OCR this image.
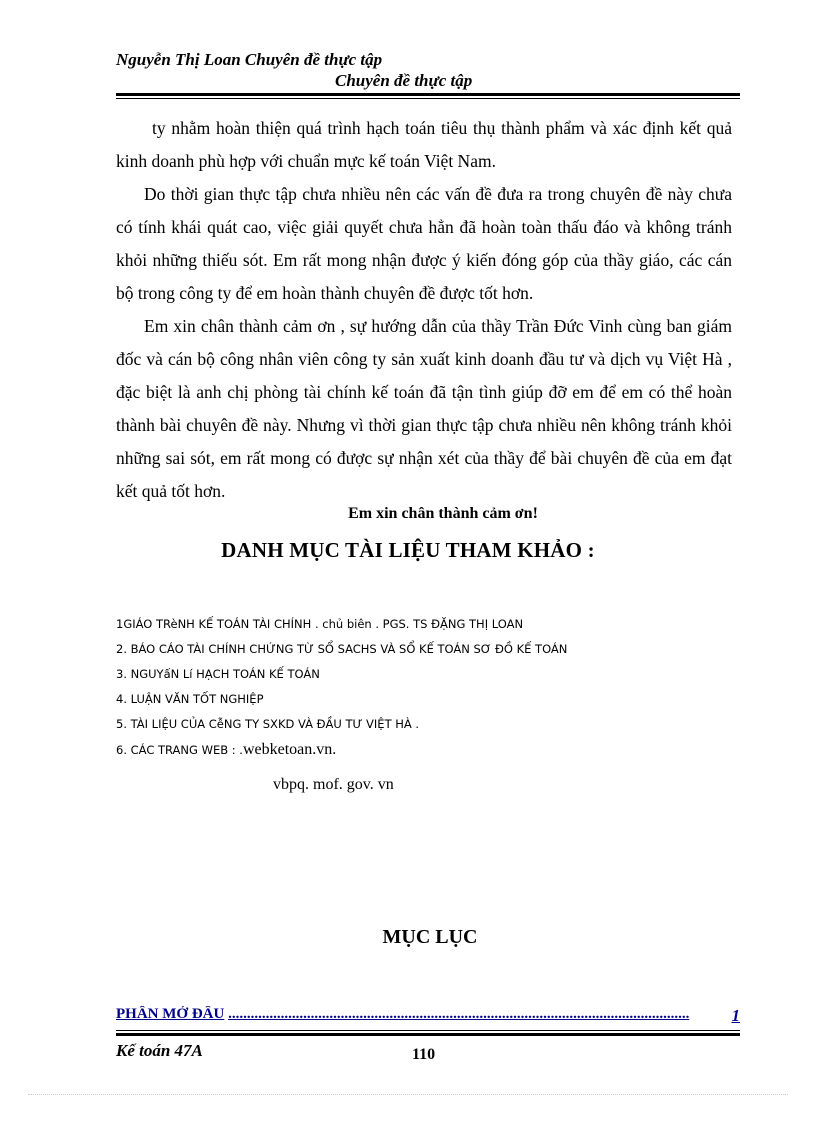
Nguyễn Thị Loan Chuyên đề thực tập
Chuyên đề thực tập

ty nhằm hoàn thiện quá trình hạch toán tiêu thụ thành phẩm và xác định kết quả kinh doanh phù hợp với chuẩn mực kế toán Việt Nam.

Do thời gian thực tập chưa nhiều nên các vấn đề đưa ra trong chuyên đề này chưa có tính khái quát cao, việc giải quyết chưa hẳn đã hoàn toàn thấu đáo và không tránh khỏi những thiếu sót. Em rất mong nhận được ý kiến đóng góp của thầy giáo, các cán bộ trong công ty để em hoàn thành chuyên đề được tốt hơn.

Em xin chân thành cảm ơn , sự hướng dẫn của thầy Trần Đức Vinh cùng ban giám đốc và cán bộ công nhân viên công ty sản xuất kinh doanh đầu tư và dịch vụ Việt Hà , đặc biệt là anh chị phòng tài chính kế toán đã tận tình giúp đỡ em để em có thể hoàn thành bài chuyên đề này. Nhưng vì thời gian thực tập chưa nhiều nên không tránh khỏi những sai sót, em rất mong có được sự nhận xét của thầy để bài chuyên đề của em đạt kết quả tốt hơn.

Em xin chân thành cảm ơn!
DANH MỤC TÀI LIỆU THAM KHẢO :
1GIÁO TRèNH KẾ TOÁN TÀI CHÍNH . chủ biên . PGS. TS ĐẶNG THỊ LOAN
2. BÁO CÁO TÀI CHÍNH CHỨNG TỪ SỔ SACHS VÀ SỔ KẾ TOÁN SƠ ĐỒ KẾ TOÁN
3. NGUYấN Lí HẠCH TOÁN KẾ TOÁN
4. LUẬN VĂN TỐT NGHIỆP
5. TÀI LIỆU CỦA CễNG TY SXKD VÀ ĐẦU TƯ VIỆT HÀ .
6. CÁC TRANG WEB : .webketoan.vn.
vbpq. mof. gov. vn
MỤC LỤC
PHẦN MỞ ĐẦU ........................................................................................................................... 1
Kế toán 47A	110
